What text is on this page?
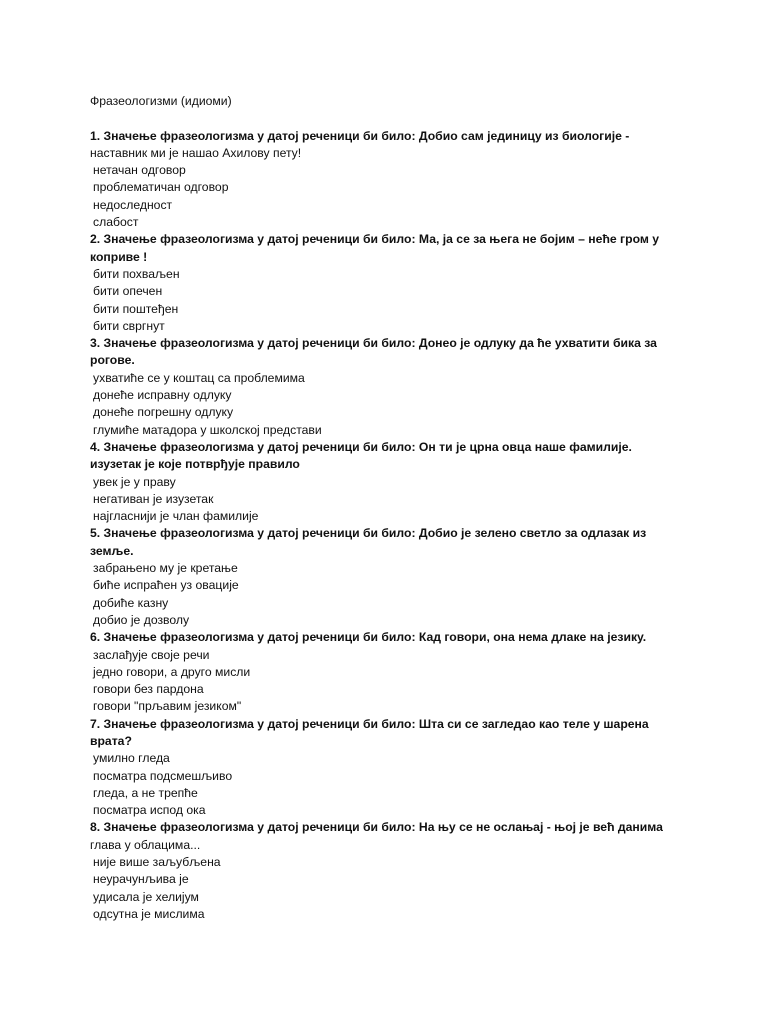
Фразеологизми (идиоми)
1. Значење фразеологизма у датој реченици би било: Добио сам јединицу из биологије -
наставник ми је нашао Ахилову пету!
нетачан одговор
проблематичан одговор
недоследност
слабост
2. Значење фразеологизма у датој реченици би било: Ма, ја се за њега не бојим – неће гром у
коприве !
бити похваљен
бити опечен
бити поштеђен
бити свргнут
3. Значење фразеологизма у датој реченици би било: Донео је одлуку да ће ухватити бика за
рогове.
ухватиће се у коштац са проблемима
донеће исправну одлуку
донеће погрешну одлуку
глумиће матадора у школској представи
4. Значење фразеологизма у датој реченици би било: Он ти је црна овца наше фамилије.
изузетак је које потврђује правило
увек је у праву
негативан је изузетак
најгласнији је члан фамилије
5. Значење фразеологизма у датој реченици би било: Добио је зелено светло за одлазак из
земље.
забрањено му је кретање
биће испраћен уз овације
добиће казну
добио је дозволу
6. Значење фразеологизма у датој реченици би било: Кад говори, она нема длаке на језику.
заслађује своје речи
једно говори, а друго мисли
говори без пардона
говори "прљавим језиком"
7. Значење фразеологизма у датој реченици би било: Шта си се загледао као теле у шарена
врата?
умилно гледа
посматра подсмешљиво
гледа, а не трепће
посматра испод ока
8. Значење фразеологизма у датој реченици би било: На њу се не ослањај - њој је већ данима
глава у облацима...
није више заљубљена
неурачунљива је
удисала је хелијум
одсутна је мислима
